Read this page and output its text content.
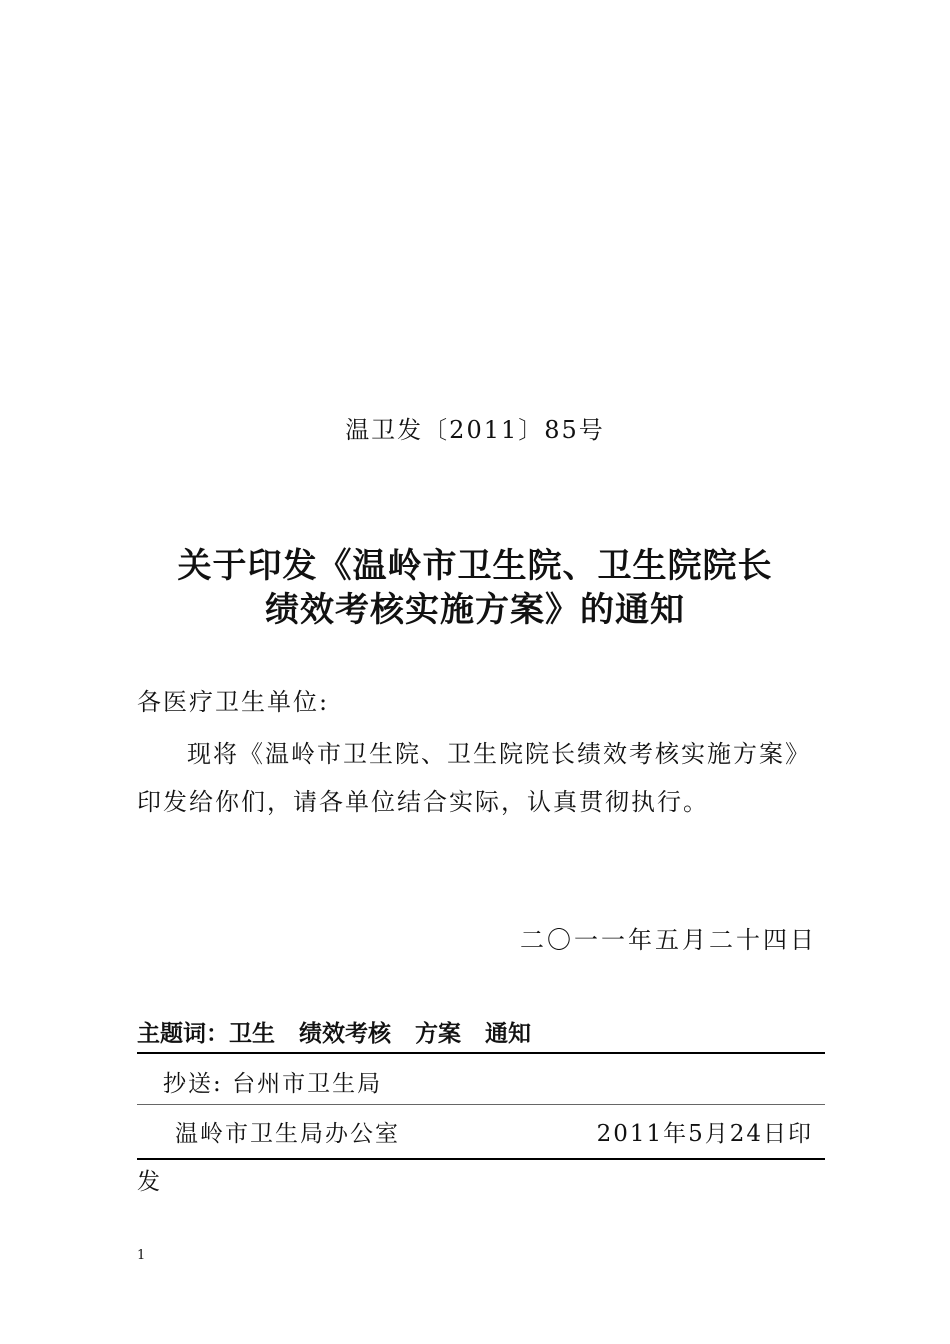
温卫发〔2011〕85号
关于印发《温岭市卫生院、卫生院院长
绩效考核实施方案》的通知
各医疗卫生单位:
现将《温岭市卫生院、卫生院院长绩效考核实施方案》
印发给你们，请各单位结合实际，认真贯彻执行。
二〇一一年五月二十四日
主题词：卫生 绩效考核 方案 通知
抄送: 台州市卫生局
温岭市卫生局办公室	2011年5月24日印
发
1
